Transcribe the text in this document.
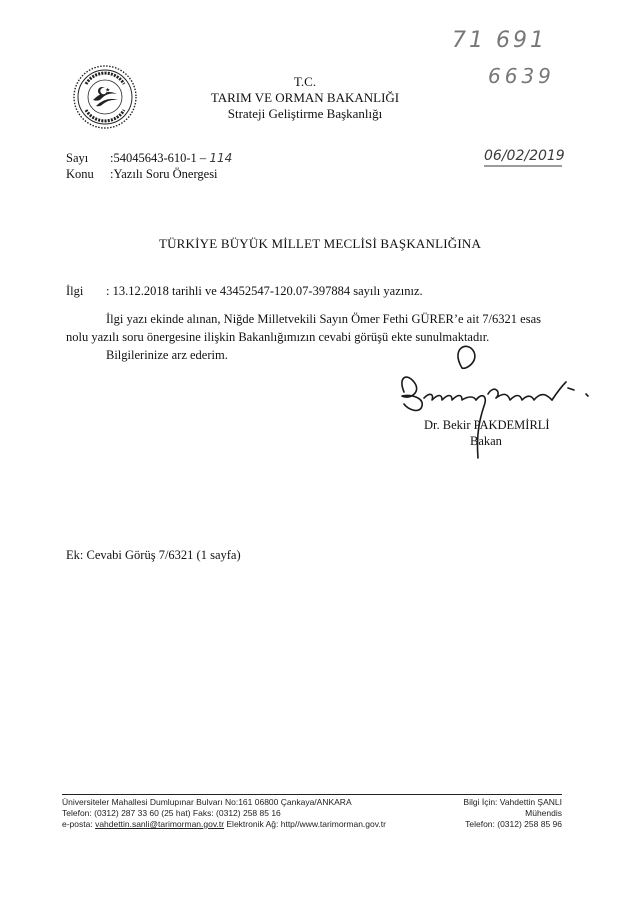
71 691
6639
T.C.
TARIM VE ORMAN BAKANLIĞI
Strateji Geliştirme Başkanlığı
Sayı :54045643-610-1 – 114
Konu :Yazılı Soru Önergesi
06/02/2019
TÜRKİYE BÜYÜK MİLLET MECLİSİ BAŞKANLIĞINA
İlgi : 13.12.2018 tarihli ve 43452547-120.07-397884 sayılı yazınız.
İlgi yazı ekinde alınan, Niğde Milletvekili Sayın Ömer Fethi GÜRER’e ait 7/6321 esas
nolu yazılı soru önergesine ilişkin Bakanlığımızın cevabi görüşü ekte sunulmaktadır.
Bilgilerinize arz ederim.
Dr. Bekir PAKDEMİRLİ
Bakan
Ek: Cevabi Görüş 7/6321 (1 sayfa)
Üniversiteler Mahallesi Dumlupınar Bulvarı No:161 06800 Çankaya/ANKARA
Telefon: (0312) 287 33 60 (25 hat) Faks: (0312) 258 85 16
e-posta: vahdettin.sanli@tarimorman.gov.tr Elektronik Ağ: http//www.tarimorman.gov.tr
Bilgi İçin: Vahdettin ŞANLI
Mühendis
Telefon: (0312) 258 85 96
